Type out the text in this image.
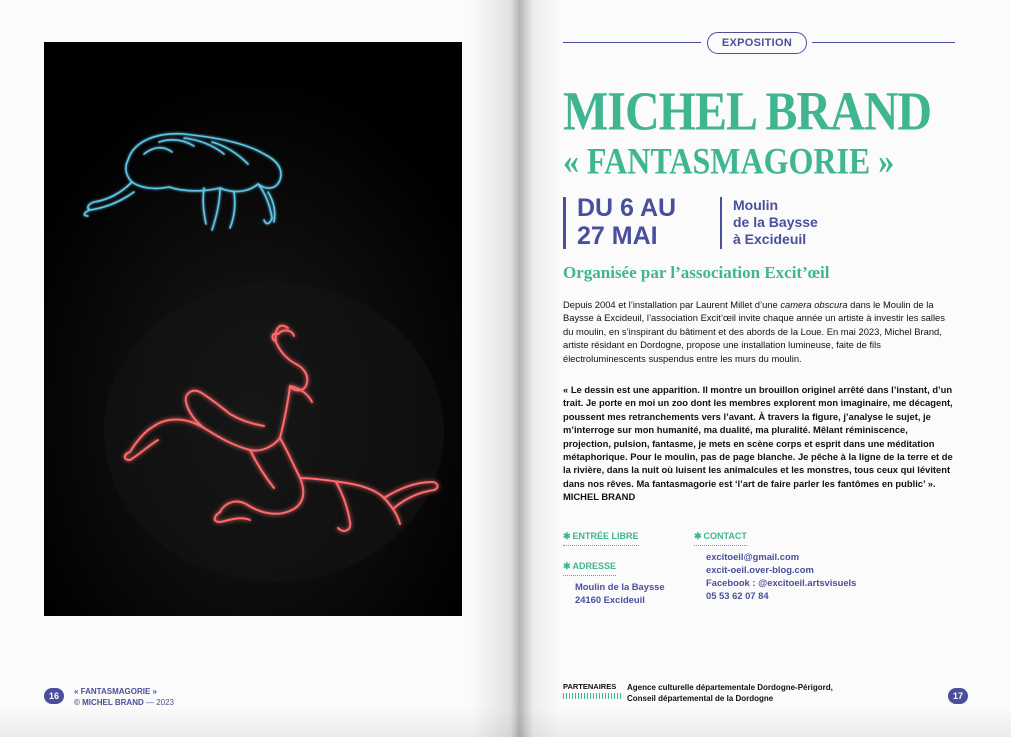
16	« FANTASMAGORIE »
© MICHEL BRAND — 2023
EXPOSITION
MICHEL BRAND
« FANTASMAGORIE »
DU 6 AU
27 MAI
Moulin
de la Baysse
à Excideuil
Organisée par l’association Excit’œil
Depuis 2004 et l’installation par Laurent Millet d’une camera obscura dans le Moulin de la Baysse à Excideuil, l’association Excit’œil invite chaque année un artiste à investir les salles du moulin, en s’inspirant du bâtiment et des abords de la Loue. En mai 2023, Michel Brand, artiste résidant en Dordogne, propose une installation lumineuse, faite de fils électroluminescents suspendus entre les murs du moulin.
« Le dessin est une apparition. Il montre un brouillon originel arrêté dans l’instant, d’un trait. Je porte en moi un zoo dont les membres explorent mon imaginaire, me décagent, poussent mes retranchements vers l’avant. À travers la figure, j’analyse le sujet, je m’interroge sur mon humanité, ma dualité, ma pluralité. Mêlant réminiscence, projection, pulsion, fantasme, je mets en scène corps et esprit dans une méditation métaphorique. Pour le moulin, pas de page blanche. Je pêche à la ligne de la terre et de la rivière, dans la nuit où luisent les animalcules et les monstres, tous ceux qui lévitent dans nos rêves. Ma fantasmagorie est ‘l’art de faire parler les fantômes en public’ ».
MICHEL BRAND
✱ ENTRÉE LIBRE
✱ ADRESSE
Moulin de la Baysse
24160 Excideuil
✱ CONTACT
excitoeil@gmail.com
excit-oeil.over-blog.com
Facebook : @excitoeil.artsvisuels
05 53 62 07 84
PARTENAIRES Agence culturelle départementale Dordogne-Périgord,
Conseil départemental de la Dordogne	17
